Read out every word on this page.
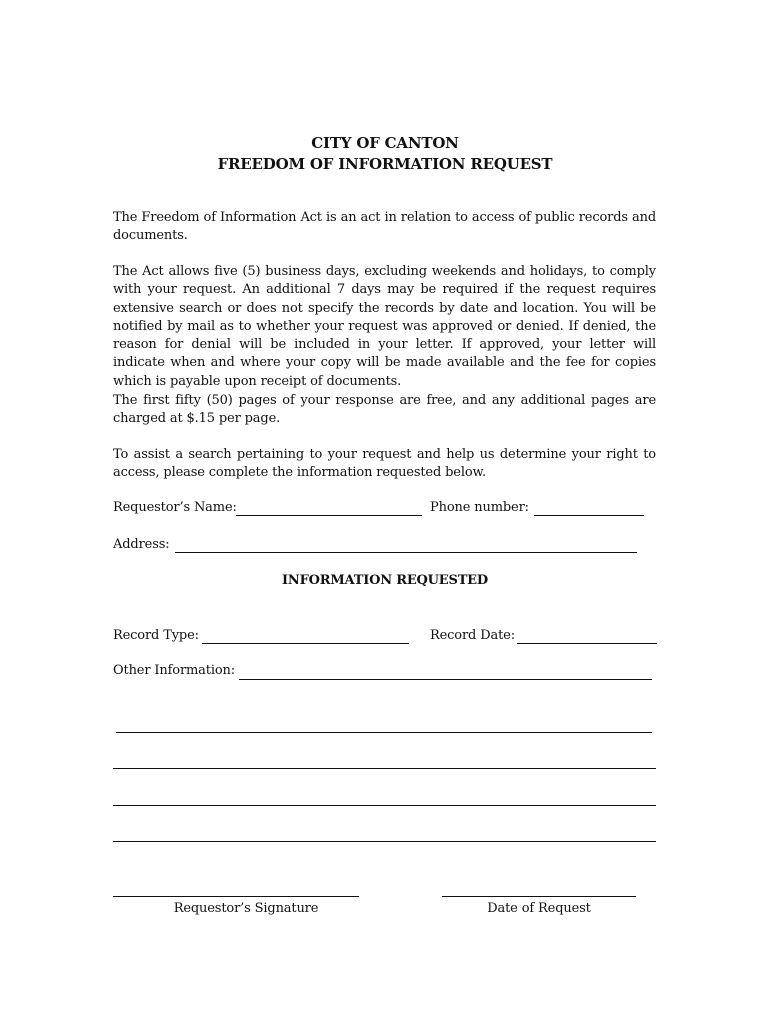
CITY OF CANTON
FREEDOM OF INFORMATION REQUEST
The Freedom of Information Act is an act in relation to access of public records and documents.
The Act allows five (5) business days, excluding weekends and holidays, to comply with your request. An additional 7 days may be required if the request requires extensive search or does not specify the records by date and location. You will be notified by mail as to whether your request was approved or denied. If denied, the reason for denial will be included in your letter. If approved, your letter will indicate when and where your copy will be made available and the fee for copies which is payable upon receipt of documents.
The first fifty (50) pages of your response are free, and any additional pages are charged at $.15 per page.
To assist a search pertaining to your request and help us determine your right to access, please complete the information requested below.
Requestor’s Name:	Phone number:
Address:
INFORMATION REQUESTED
Record Type:	Record Date:
Other Information:
Requestor’s Signature	Date of Request
